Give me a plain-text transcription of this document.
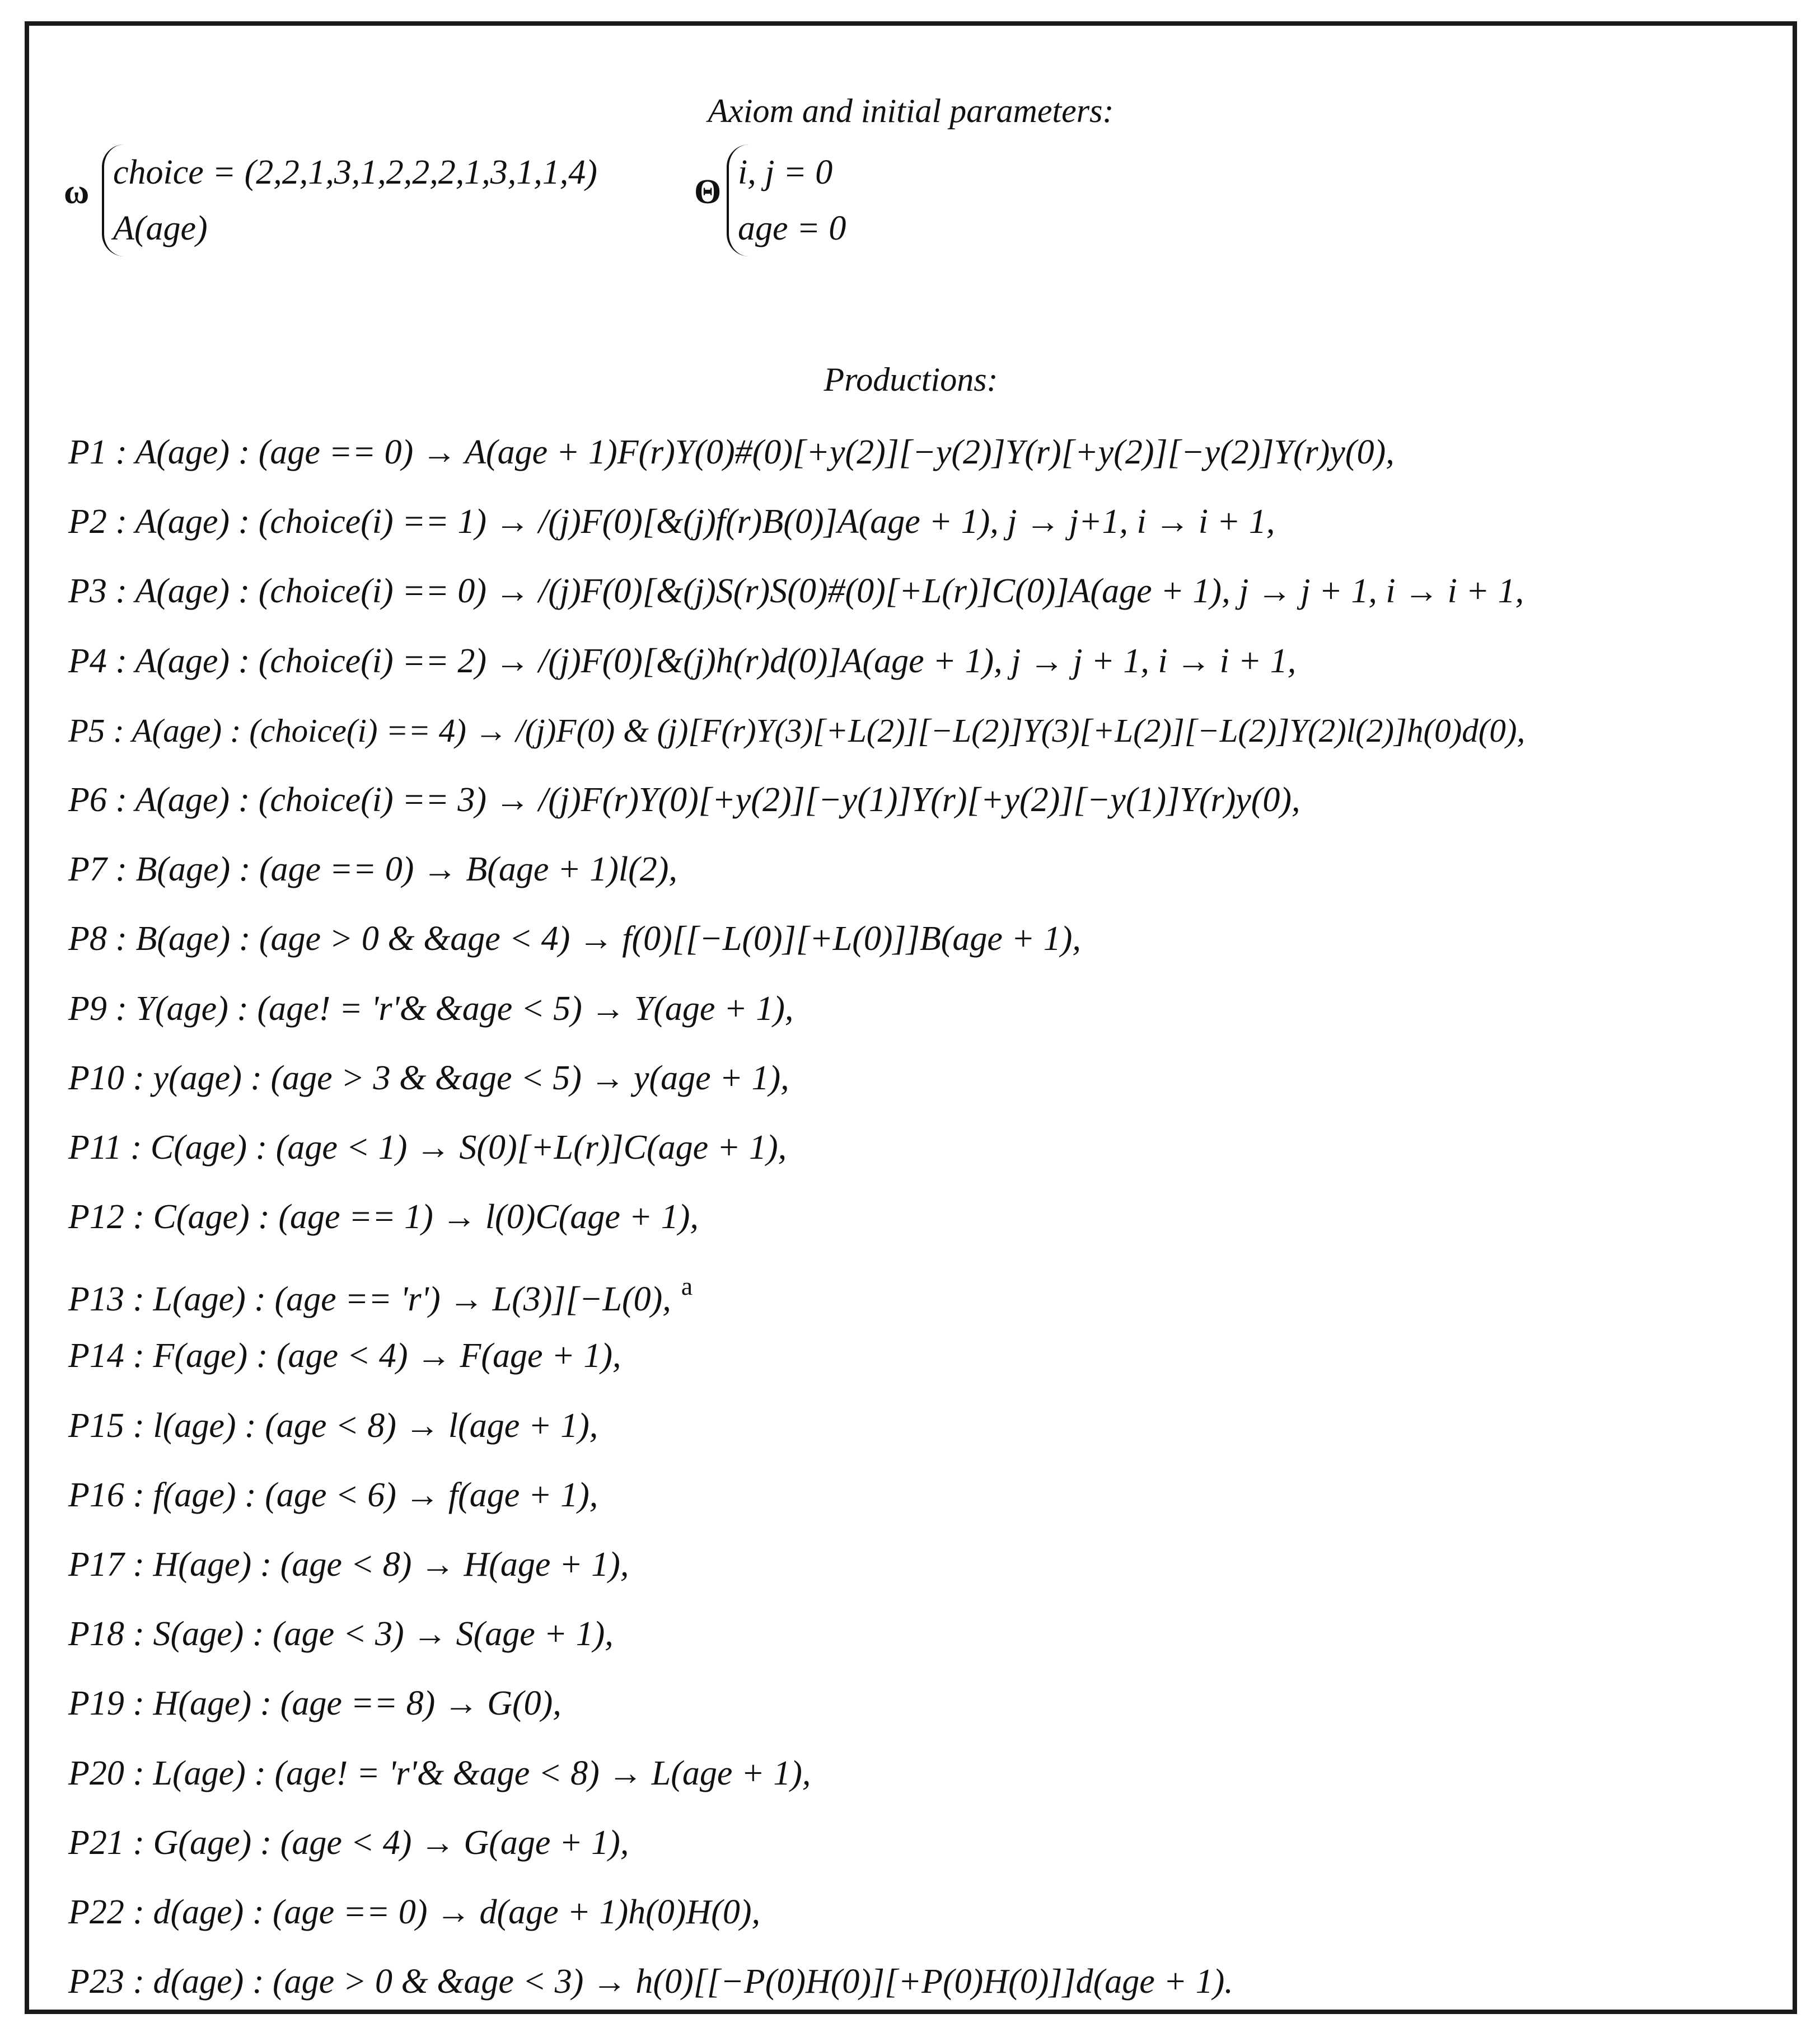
Axiom and initial parameters:
ω
choice = (2,2,1,3,1,2,2,2,1,3,1,1,4)
A(age)
Θ
i, j = 0
age = 0
Productions:
P1 : A(age) : (age == 0) → A(age + 1)F(r)Y(0)#(0)[+y(2)][−y(2)]Y(r)[+y(2)][−y(2)]Y(r)y(0),
P2 : A(age) : (choice(i) == 1) → /(j)F(0)[&(j)f(r)B(0)]A(age + 1), j → j+1, i → i + 1,
P3 : A(age) : (choice(i) == 0) → /(j)F(0)[&(j)S(r)S(0)#(0)[+L(r)]C(0)]A(age + 1), j → j + 1, i → i + 1,
P4 : A(age) : (choice(i) == 2) → /(j)F(0)[&(j)h(r)d(0)]A(age + 1), j → j + 1, i → i + 1,
P5 : A(age) : (choice(i) == 4) → /(j)F(0) & (j)[F(r)Y(3)[+L(2)][−L(2)]Y(3)[+L(2)][−L(2)]Y(2)l(2)]h(0)d(0),
P6 : A(age) : (choice(i) == 3) → /(j)F(r)Y(0)[+y(2)][−y(1)]Y(r)[+y(2)][−y(1)]Y(r)y(0),
P7 : B(age) : (age == 0) → B(age + 1)l(2),
P8 : B(age) : (age > 0 & &age < 4) → f(0)[[−L(0)][+L(0)]]B(age + 1),
P9 : Y(age) : (age! = 'r'& &age < 5) → Y(age + 1),
P10 : y(age) : (age > 3 & &age < 5) → y(age + 1),
P11 : C(age) : (age < 1) → S(0)[+L(r)]C(age + 1),
P12 : C(age) : (age == 1) → l(0)C(age + 1),
P13 : L(age) : (age == 'r') → L(3)][−L(0), $^a$
P14 : F(age) : (age < 4) → F(age + 1),
P15 : l(age) : (age < 8) → l(age + 1),
P16 : f(age) : (age < 6) → f(age + 1),
P17 : H(age) : (age < 8) → H(age + 1),
P18 : S(age) : (age < 3) → S(age + 1),
P19 : H(age) : (age == 8) → G(0),
P20 : L(age) : (age! = 'r'& &age < 8) → L(age + 1),
P21 : G(age) : (age < 4) → G(age + 1),
P22 : d(age) : (age == 0) → d(age + 1)h(0)H(0),
P23 : d(age) : (age > 0 & &age < 3) → h(0)[[−P(0)H(0)][+P(0)H(0)]]d(age + 1).
